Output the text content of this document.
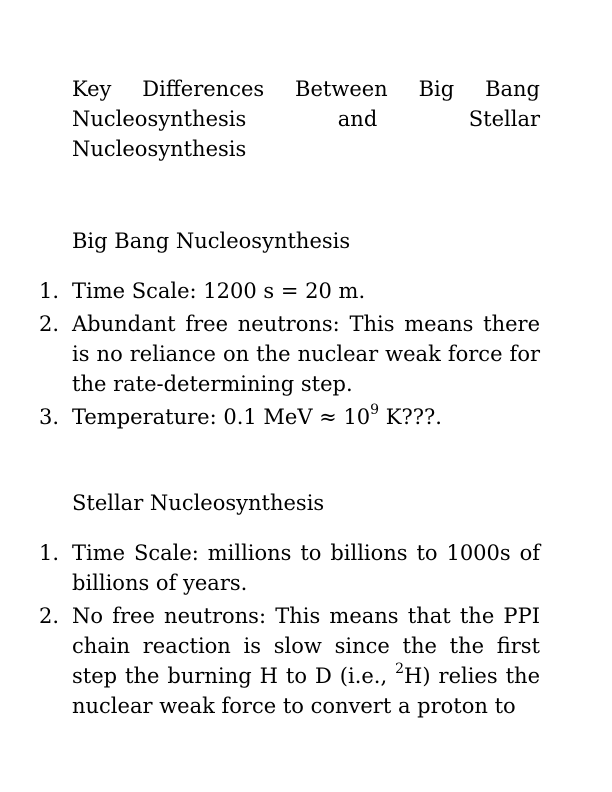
Key Differences Between Big Bang
Nucleosynthesis and Stellar Nucleosynthesis

Big Bang Nucleosynthesis

1. Time Scale: 1200 s = 20 m.
2. Abundant free neutrons: This means there is no reliance on the nuclear weak force for the rate-determining step.
3. Temperature: 0.1 MeV ≈ $10^9$ K???.

Stellar Nucleosynthesis

1. Time Scale: millions to billions to 1000s of billions of years.
2. No free neutrons: This means that the PPI chain reaction is slow since the the first step the burning H to D (i.e., $^2$H) relies the nuclear weak force to convert a proton to
